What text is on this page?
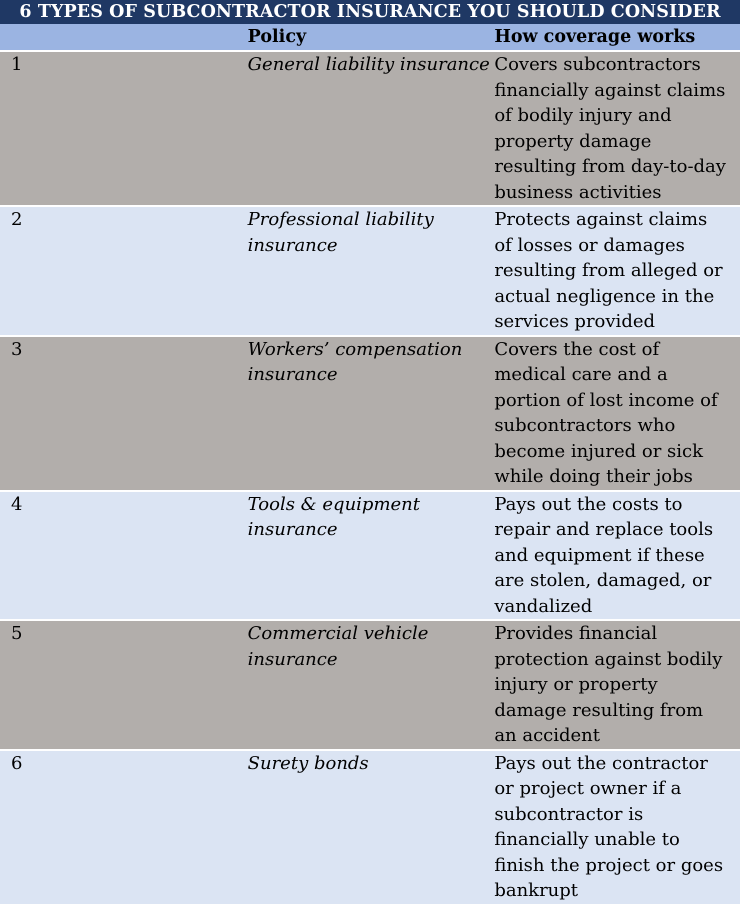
6 TYPES OF SUBCONTRACTOR INSURANCE YOU SHOULD CONSIDER		
	Policy	How coverage works
1	General liability insurance	Covers subcontractors financially against claims of bodily injury and property damage resulting from day-to-day business activities
2	Professional liability insurance	Protects against claims of losses or damages resulting from alleged or actual negligence in the services provided
3	Workers’ compensation insurance	Covers the cost of medical care and a portion of lost income of subcontractors who become injured or sick while doing their jobs
4	Tools & equipment insurance	Pays out the costs to repair and replace tools and equipment if these are stolen, damaged, or vandalized
5	Commercial vehicle insurance	Provides financial protection against bodily injury or property damage resulting from an accident
6	Surety bonds	Pays out the contractor or project owner if a subcontractor is financially unable to finish the project or goes bankrupt
